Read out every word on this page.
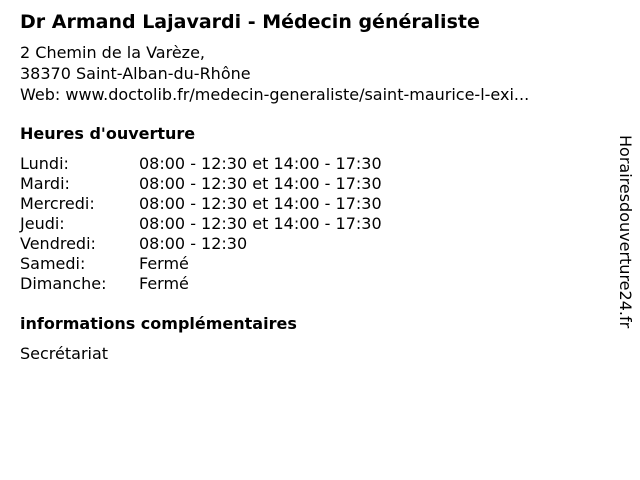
Dr Armand Lajavardi - Médecin généraliste
2 Chemin de la Varèze,
38370 Saint-Alban-du-Rhône
Web: www.doctolib.fr/medecin-generaliste/saint-maurice-l-exi...
Heures d'ouverture
Lundi:	08:00 - 12:30 et 14:00 - 17:30
Mardi:	08:00 - 12:30 et 14:00 - 17:30
Mercredi:	08:00 - 12:30 et 14:00 - 17:30
Jeudi:	08:00 - 12:30 et 14:00 - 17:30
Vendredi:	08:00 - 12:30
Samedi:	Fermé
Dimanche:	Fermé
informations complémentaires
Secrétariat
Horairesdouverture24.fr
